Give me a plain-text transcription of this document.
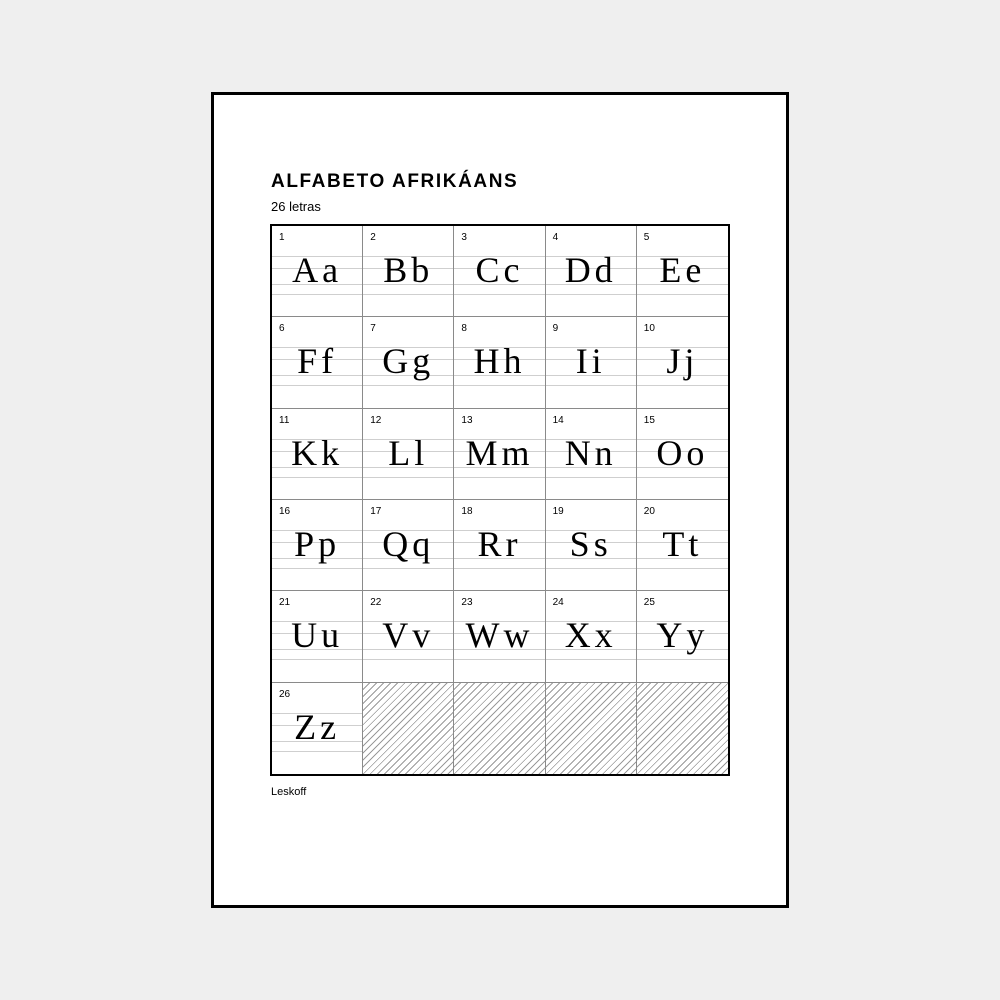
ALFABETO AFRIKÁANS
26 letras
1
Aa
2
Bb
3
Cc
4
Dd
5
Ee
6
Ff
7
Gg
8
Hh
9
Ii
10
Jj
11
Kk
12
Ll
13
Mm
14
Nn
15
Oo
16
Pp
17
Qq
18
Rr
19
Ss
20
Tt
21
Uu
22
Vv
23
Ww
24
Xx
25
Yy
26
Zz
Leskoff
